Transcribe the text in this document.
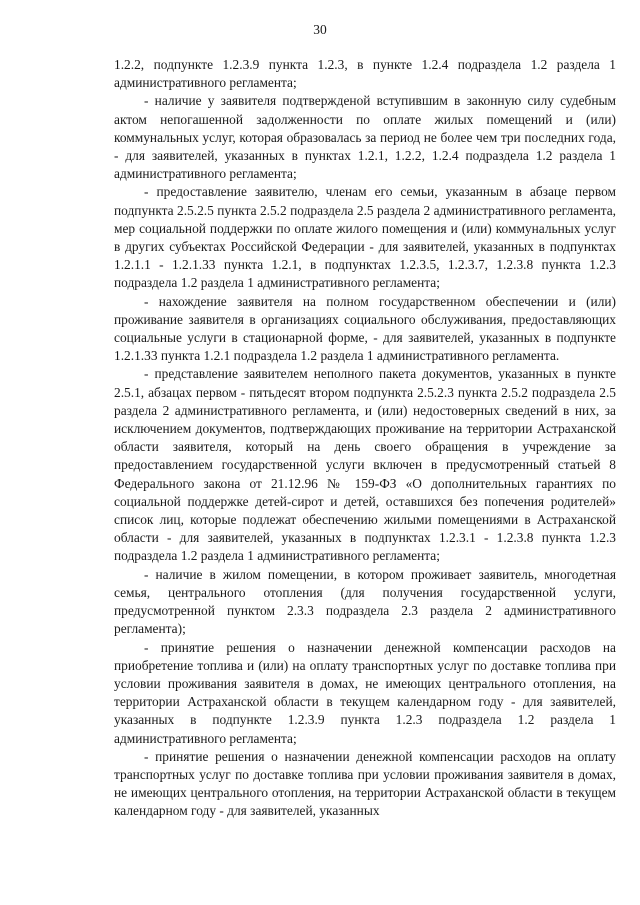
30

1.2.2, подпункте 1.2.3.9 пункта 1.2.3, в пункте 1.2.4 подраздела 1.2 раздела 1 административного регламента;

- наличие у заявителя подтвержденой вступившим в законную силу судебным актом непогашенной задолженности по оплате жилых помещений и (или) коммунальных услуг, которая образовалась за период не более чем три последних года, - для заявителей, указанных в пунктах 1.2.1, 1.2.2, 1.2.4 подраздела 1.2 раздела 1 административного регламента;

- предоставление заявителю, членам его семьи, указанным в абзаце первом подпункта 2.5.2.5 пункта 2.5.2 подраздела 2.5 раздела 2 административного регламента, мер социальной поддержки по оплате жилого помещения и (или) коммунальных услуг в других субъектах Российской Федерации - для заявителей, указанных в подпунктах 1.2.1.1 - 1.2.1.33 пункта 1.2.1, в подпунктах 1.2.3.5, 1.2.3.7, 1.2.3.8 пункта 1.2.3 подраздела 1.2 раздела 1 административного регламента;

- нахождение заявителя на полном государственном обеспечении и (или) проживание заявителя в организациях социального обслуживания, предоставляющих социальные услуги в стационарной форме, - для заявителей, указанных в подпункте 1.2.1.33 пункта 1.2.1 подраздела 1.2 раздела 1 административного регламента.

- представление заявителем неполного пакета документов, указанных в пункте 2.5.1, абзацах первом - пятьдесят втором подпункта 2.5.2.3 пункта 2.5.2 подраздела 2.5 раздела 2 административного регламента, и (или) недостоверных сведений в них, за исключением документов, подтверждающих проживание на территории Астраханской области заявителя, который на день своего обращения в учреждение за предоставлением государственной услуги включен в предусмотренный статьей 8 Федерального закона от 21.12.96 № 159-ФЗ «О дополнительных гарантиях по социальной поддержке детей-сирот и детей, оставшихся без попечения родителей» список лиц, которые подлежат обеспечению жилыми помещениями в Астраханской области - для заявителей, указанных в подпунктах 1.2.3.1 - 1.2.3.8 пункта 1.2.3 подраздела 1.2 раздела 1 административного регламента;

- наличие в жилом помещении, в котором проживает заявитель, многодетная семья, центрального отопления (для получения государственной услуги, предусмотренной пунктом 2.3.3 подраздела 2.3 раздела 2 административного регламента);

- принятие решения о назначении денежной компенсации расходов на приобретение топлива и (или) на оплату транспортных услуг по доставке топлива при условии проживания заявителя в домах, не имеющих центрального отопления, на территории Астраханской области в текущем календарном году - для заявителей, указанных в подпункте 1.2.3.9 пункта 1.2.3 подраздела 1.2 раздела 1 административного регламента;

- принятие решения о назначении денежной компенсации расходов на оплату транспортных услуг по доставке топлива при условии проживания заявителя в домах, не имеющих центрального отопления, на территории Астраханской области в текущем календарном году - для заявителей, указанных
